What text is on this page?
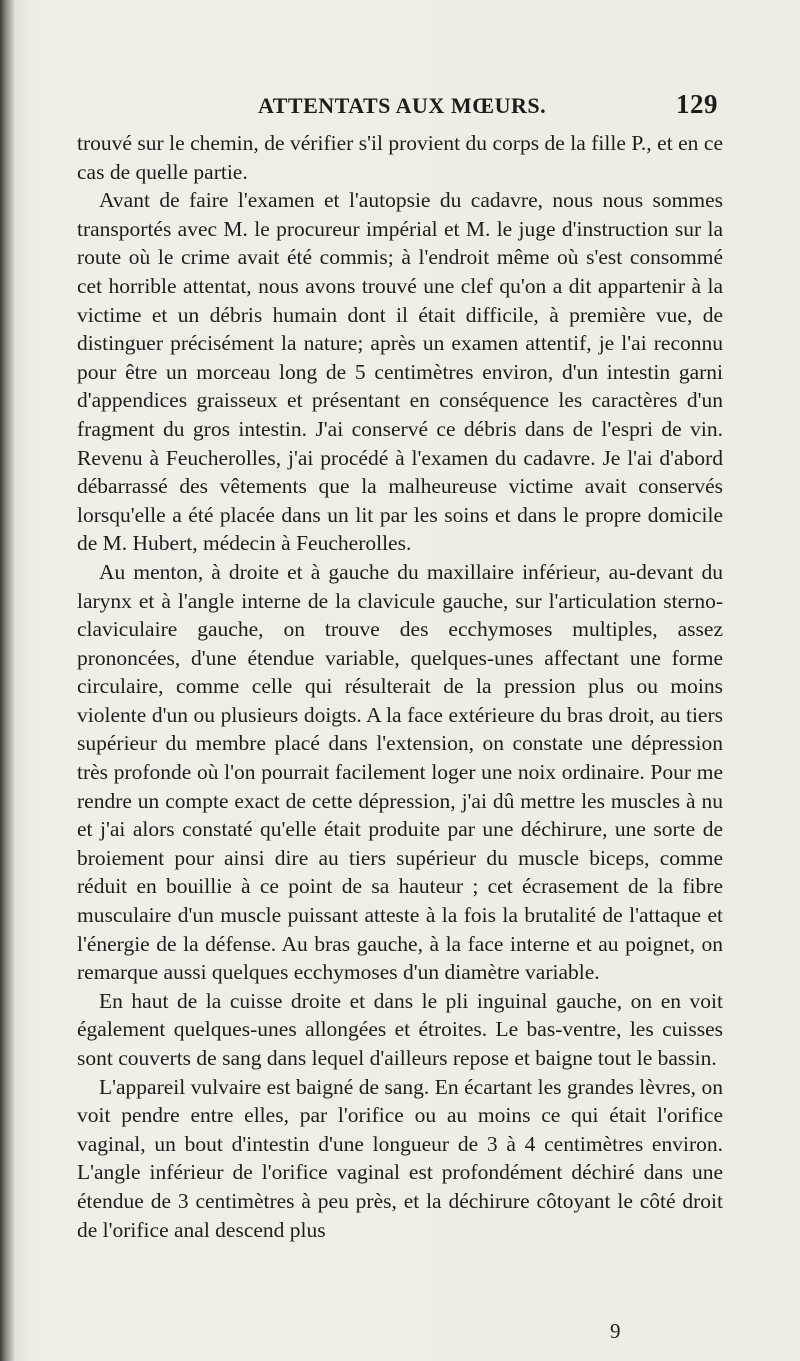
ATTENTATS AUX MŒURS.	129

trouvé sur le chemin, de vérifier s'il provient du corps de la fille P., et en ce cas de quelle partie.

Avant de faire l'examen et l'autopsie du cadavre, nous nous sommes transportés avec M. le procureur impérial et M. le juge d'instruction sur la route où le crime avait été commis; à l'endroit même où s'est consommé cet horrible attentat, nous avons trouvé une clef qu'on a dit appartenir à la victime et un débris humain dont il était difficile, à première vue, de distinguer précisément la nature; après un examen attentif, je l'ai reconnu pour être un morceau long de 5 centimètres environ, d'un intestin garni d'appendices graisseux et présentant en conséquence les caractères d'un fragment du gros intestin. J'ai conservé ce débris dans de l'espri de vin. Revenu à Feucherolles, j'ai procédé à l'examen du cadavre. Je l'ai d'abord débarrassé des vêtements que la malheureuse victime avait conservés lorsqu'elle a été placée dans un lit par les soins et dans le propre domicile de M. Hubert, médecin à Feucherolles.

Au menton, à droite et à gauche du maxillaire inférieur, au-devant du larynx et à l'angle interne de la clavicule gauche, sur l'articulation sterno-claviculaire gauche, on trouve des ecchymoses multiples, assez prononcées, d'une étendue variable, quelques-unes affectant une forme circulaire, comme celle qui résulterait de la pression plus ou moins violente d'un ou plusieurs doigts. A la face extérieure du bras droit, au tiers supérieur du membre placé dans l'extension, on constate une dépression très profonde où l'on pourrait facilement loger une noix ordinaire. Pour me rendre un compte exact de cette dépression, j'ai dû mettre les muscles à nu et j'ai alors constaté qu'elle était produite par une déchirure, une sorte de broiement pour ainsi dire au tiers supérieur du muscle biceps, comme réduit en bouillie à ce point de sa hauteur ; cet écrasement de la fibre musculaire d'un muscle puissant atteste à la fois la brutalité de l'attaque et l'énergie de la défense. Au bras gauche, à la face interne et au poignet, on remarque aussi quelques ecchymoses d'un diamètre variable.

En haut de la cuisse droite et dans le pli inguinal gauche, on en voit également quelques-unes allongées et étroites. Le bas-ventre, les cuisses sont couverts de sang dans lequel d'ailleurs repose et baigne tout le bassin.

L'appareil vulvaire est baigné de sang. En écartant les grandes lèvres, on voit pendre entre elles, par l'orifice ou au moins ce qui était l'orifice vaginal, un bout d'intestin d'une longueur de 3 à 4 centimètres environ. L'angle inférieur de l'orifice vaginal est profondément déchiré dans une étendue de 3 centimètres à peu près, et la déchirure côtoyant le côté droit de l'orifice anal descend plus

9
